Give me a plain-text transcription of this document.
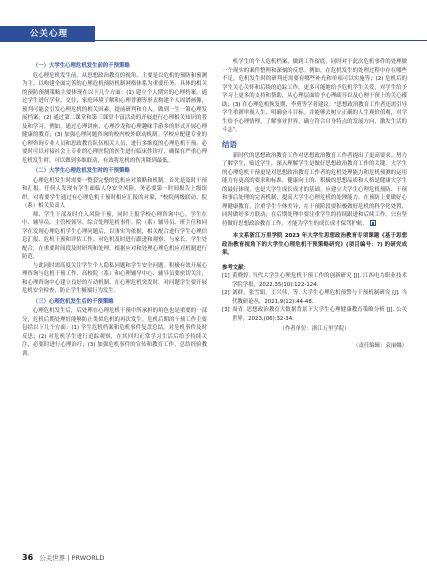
公关心理

（一）大学生心理危机发生前的干预策略

危心理危机发生前，从思想政治教育的视角，主要是以危机的预防和预测为主。以构建全面完善的心理危机预防机制网格体系为重要任务。具体的相关的预防预测策略主要体现在以下几个方面：(1) 建立个人期实的心理档案。通过学生进行学业、交往、家庭环境了解和心理普测等形式构建个人周谱画像，预判可能会引发心理危机的相关因素，提前研判和介入。做到一生一策心理发展档案；(2) 通过第二课堂和第三课堂丰富活动的开展进行心理相关知识的普及和学习。例如，通过心理讲座、心理沙龙和心理趣味手游多的形式开展心理健康的教育；(3) 加强心理问题咨询的校内校外联动机制。学校应配建专业的心理咨询专业人员和思政教育队伍相关人员，进行多维度的心理危机干预。必要时可以对接社会上专业的心理医院的医生进行临床性诊疗，确保在严重心理危机发生时，可以做到多维联动、有效将危机的伤害降到最低。

（二）大学生心理危机发生时的干预策略

心理危机发生时需要一整套完整的危机应对策略和机制。首先是及时干预和汇报。任何人发现有学生面临人身安全风险，务必要第一时间报告上级组织。对将要学生通过有心理危机干预时相应汇报的对象，"校院两级联动、院（系）相关负责人

师、学生干部及时介入风险干预，同时上报学校心理咨询中心。学生在中、辅导员、主管校领导、综合处理危机事件。院（系）辅导员、班主任和同学在发现心理危机学生心理问题后，以事实为依据，相关配合进行学生心理信息汇报、危机干预和评估工作。对危机及时进行跟进和观察、与家长、学生处配合，在重要时间段及时研判和处理，根据应对和处理心理危机应对机制进行防范。

与此同时需高度关注学生个人隐私问题和学生安全问题。积极有效开展心理咨询与危机干预工作，高校院（系）和心理辅导中心、辅导员要密切关注，和心理咨询中心建立良好的互动机制。在心理危机突发时，对问题学生要开展危机安全检查，防止学生极端行为发生。

（三）心理危机发生后的干预策略

心理危机发生后，后处理在心理危机干预中所承担的角色也是重要的一部分，危机后期处理好能够防止类似危机的再次发生。危机后期的干预工作主要包括以下几个方面：(1) 学生危机档案和危机事件复盘总结，对危机事件及时反思；(2) 对危机学生进行追踪观察，在其回归正常学习生活后给予持续关注，必要时进行心理治疗；(3) 加强危机事件的宣传和教育工作，总结经验教训。

机学生的个人危机档案，做到工作留底，同时对于此次危机事件的处理做一个现实的案件整理和深刻的反思。例如，在危机发生的处理过程中存在哪些不足，危机发生时的研判还需要有哪些补充和单项可以实施等；(2) 危机后的学生关心关怀和后续的追踪工作。更多可能地给予危机学生关爱，对学生给予学习上更多的支持和帮助，从心理层面给予心理疏导以及心理干预上的关心援助；(3) 在心理危机恢复期，李勇等学者建议："思想政治教育工作者还需引导学生重新审视人生，明确奋斗目标。并能够去树立正确的人生观价值观，对学生给予心理情理，了解事业世界，确立符合自身特点的发展方向，激发生活的斗志"。

结语

新时代的思想政治教育工作对思想政治教育工作者提出了更高要求。努力了解学生，贴近学生，深入理解学生是做好思想政治教育工作的关键。大学生的心理危机干预更是对思想政治教育工作者的危机处理能力和危机预测的运用能力有更高的要求和标准。健康向上的、积极的思想品质和人格是健康大学生的最好体现，也是大学生成长成才的基础。应建立大学生心理危机预防、干预和事后处理的完善机制，提高大学生心理危机的处理能力。在预防上要做好心理健康教育，注重学生个体差异；在干预阶段要积极做好危机的科学化处置，同时做好多方联动；在后期处理中要注重学生的持续跟进和后续工作。只有坚持做好思想政治教育工作，才能为学生的成长成才保驾护航。

本文系浙江万里学院 2023 年大学生思想政治教育专项课题《基于思想政治教育视角下的大学生心理危机干预策略研究》(项目编号：?) 的研究成果。

参考文献：

[1] 黄晓婷. 当代大学生心理危机干预工作的创新研究 [J]. 江西电力职业技术学院学报，2022,35(10):122-124.

[2] 刘群，张雪娟，王兴伟，等. 大学生心理危机预警与干预机制研究 [J]. 当代教研论丛，2021,9(12):44-48.

[3] 周青. 思想政治教育大数据背景下大学生心理健康教育策略分析 [J]. 公关世界，2023,(06):32-34.

（作者单位：浙江万里学院）

（责任编辑：袁丽娜）

36 公关世界 | PRWORLD
